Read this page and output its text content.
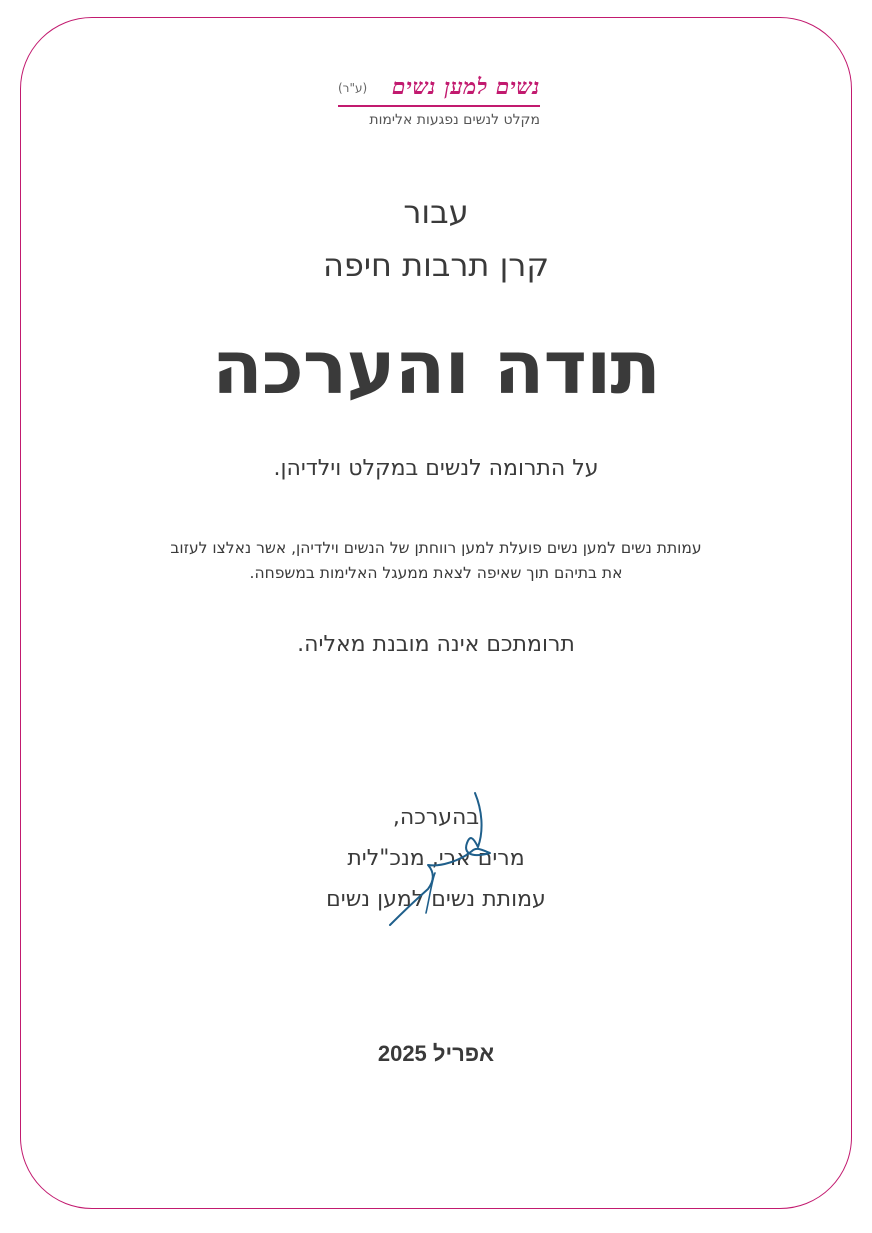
נשים למען נשים
(ע"ר)
מקלט לנשים נפגעות אלימות
עבור
קרן תרבות חיפה
תודה והערכה
על התרומה לנשים במקלט וילדיהן.
עמותת נשים למען נשים פועלת למען רווחתן של הנשים וילדיהן, אשר נאלצו לעזוב
את בתיהם תוך שאיפה לצאת ממעגל האלימות במשפחה.
תרומתכם אינה מובנת מאליה.
בהערכה,
מרים ארי, מנכ"לית
עמותת נשים למען נשים
אפריל 2025
